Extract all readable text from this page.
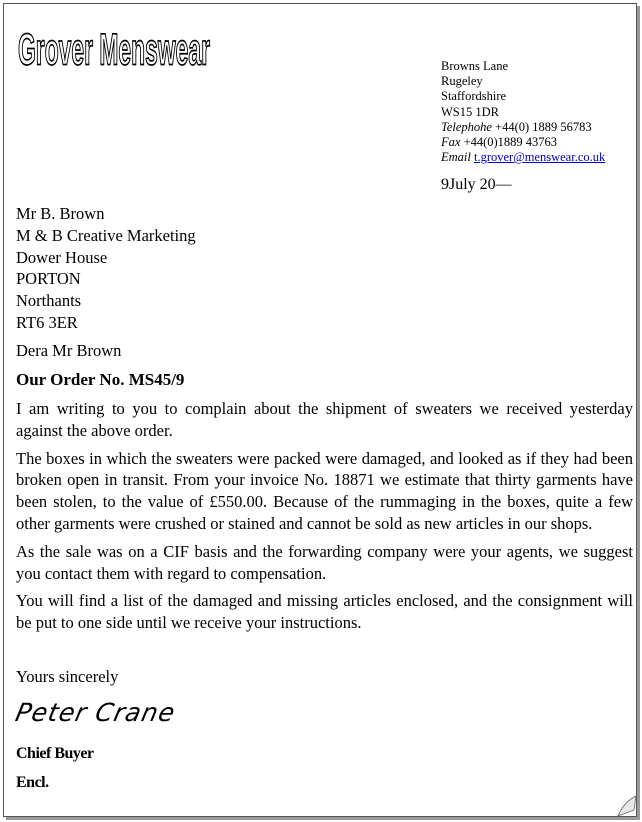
Grover Menswear	Browns Lane
Rugeley
Staffordshire
WS15 1DR
Telephohe +44(0) 1889 56783
Fax +44(0)1889 43763
Email t.grover@menswear.co.uk
9July 20—
Mr B. Brown
M & B Creative Marketing
Dower House
PORTON
Northants
RT6 3ER
Dera Mr Brown
Our Order No. MS45/9

I am writing to you to complain about the shipment of sweaters we received yesterday against the above order.

The boxes in which the sweaters were packed were damaged, and looked as if they had been broken open in transit. From your invoice No. 18871 we estimate that thirty garments have been stolen, to the value of £550.00. Because of the rummaging in the boxes, quite a few other garments were crushed or stained and cannot be sold as new articles in our shops.

As the sale was on a CIF basis and the forwarding company were your agents, we suggest you contact them with regard to compensation.

You will find a list of the damaged and missing articles enclosed, and the consignment will be put to one side until we receive your instructions.

Yours sincerely
Peter Crane
Chief Buyer
Encl.
